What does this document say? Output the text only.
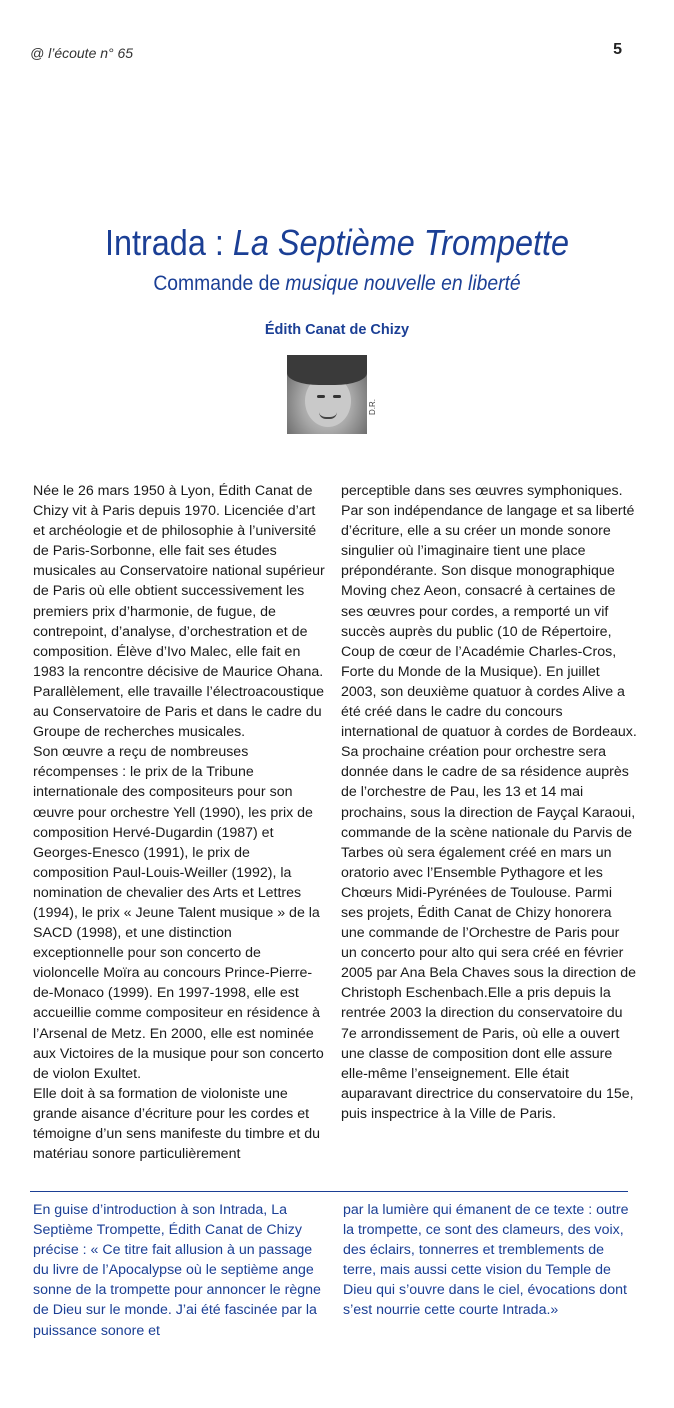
@ l’écoute n° 65	5
Intrada : La Septième Trompette
Commande de musique nouvelle en liberté
Édith Canat de Chizy
D.R.

Née le 26 mars 1950 à Lyon, Édith Canat de Chizy vit à Paris depuis 1970. Licenciée d’art et archéologie et de philosophie à l’université de Paris-Sorbonne, elle fait ses études musicales au Conservatoire national supérieur de Paris où elle obtient successivement les premiers prix d’harmonie, de fugue, de contrepoint, d’analyse, d’orchestration et de composition. Élève d’Ivo Malec, elle fait en 1983 la rencontre décisive de Maurice Ohana. Parallèlement, elle travaille l’électroacoustique au Conservatoire de Paris et dans le cadre du Groupe de recherches musicales.

Son œuvre a reçu de nombreuses récompenses : le prix de la Tribune internationale des compositeurs pour son œuvre pour orchestre Yell (1990), les prix de composition Hervé-Dugardin (1987) et Georges-Enesco (1991), le prix de composition Paul-Louis-Weiller (1992), la nomination de chevalier des Arts et Lettres (1994), le prix « Jeune Talent musique » de la SACD (1998), et une distinction exceptionnelle pour son concerto de violoncelle Moïra au concours Prince-Pierre-de-Monaco (1999). En 1997-1998, elle est accueillie comme compositeur en résidence à l’Arsenal de Metz. En 2000, elle est nominée aux Victoires de la musique pour son concerto de violon Exultet.

Elle doit à sa formation de violoniste une grande aisance d’écriture pour les cordes et témoigne d’un sens manifeste du timbre et du matériau sonore particulièrement

perceptible dans ses œuvres symphoniques. Par son indépendance de langage et sa liberté d’écriture, elle a su créer un monde sonore singulier où l’imaginaire tient une place prépondérante. Son disque monographique Moving chez Aeon, consacré à certaines de ses œuvres pour cordes, a remporté un vif succès auprès du public (10 de Répertoire, Coup de cœur de l’Académie Charles-Cros, Forte du Monde de la Musique). En juillet 2003, son deuxième quatuor à cordes Alive a été créé dans le cadre du concours international de quatuor à cordes de Bordeaux. Sa prochaine création pour orchestre sera donnée dans le cadre de sa résidence auprès de l’orchestre de Pau, les 13 et 14 mai prochains, sous la direction de Fayçal Karaoui, commande de la scène nationale du Parvis de Tarbes où sera également créé en mars un oratorio avec l’Ensemble Pythagore et les Chœurs Midi-Pyrénées de Toulouse. Parmi ses projets, Édith Canat de Chizy honorera une commande de l’Orchestre de Paris pour un concerto pour alto qui sera créé en février 2005 par Ana Bela Chaves sous la direction de Christoph Eschenbach.Elle a pris depuis la rentrée 2003 la direction du conservatoire du 7e arrondissement de Paris, où elle a ouvert une classe de composition dont elle assure elle-même l’enseignement. Elle était auparavant directrice du conservatoire du 15e, puis inspectrice à la Ville de Paris.

En guise d’introduction à son Intrada, La Septième Trompette, Édith Canat de Chizy précise : « Ce titre fait allusion à un passage du livre de l’Apocalypse où le septième ange sonne de la trompette pour annoncer le règne de Dieu sur le monde. J’ai été fascinée par la puissance sonore et
par la lumière qui émanent de ce texte : outre la trompette, ce sont des clameurs, des voix, des éclairs, tonnerres et tremblements de terre, mais aussi cette vision du Temple de Dieu qui s’ouvre dans le ciel, évocations dont s’est nourrie cette courte Intrada.»
